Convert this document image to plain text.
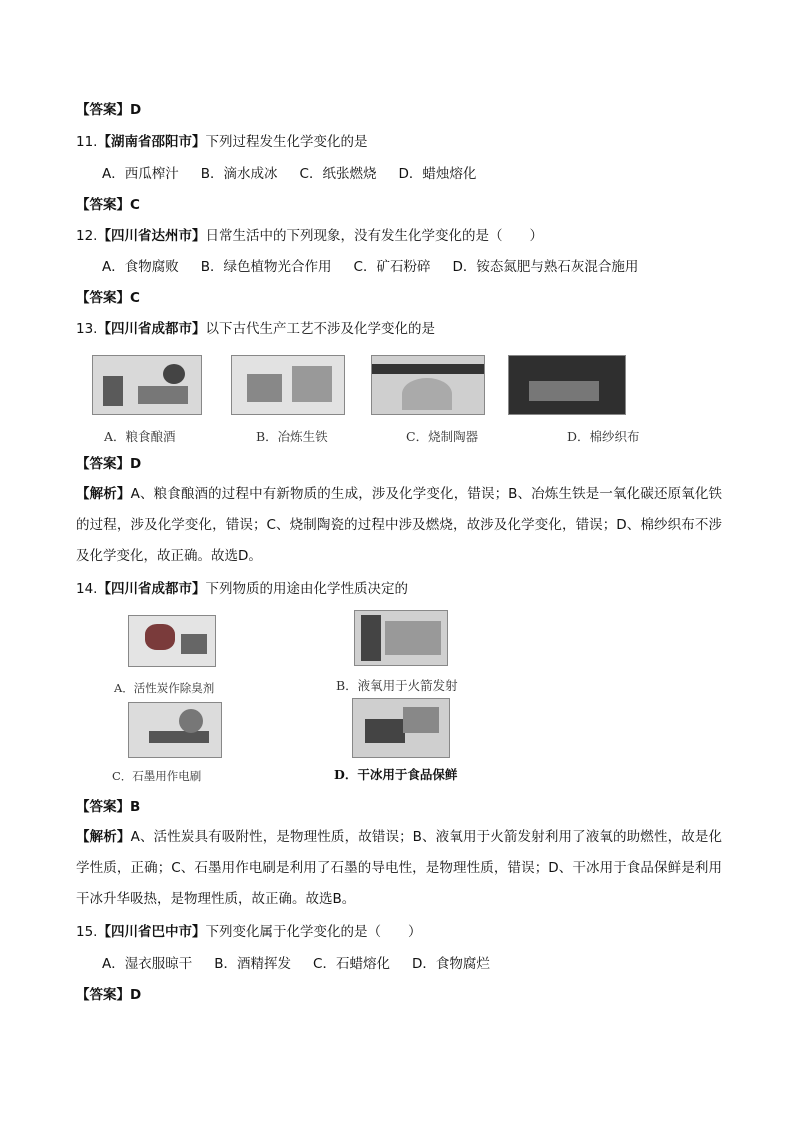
【答案】D
11.【湖南省邵阳市】下列过程发生化学变化的是
A．西瓜榨汁 B．滴水成冰 C．纸张燃烧 D．蜡烛熔化
【答案】C
12.【四川省达州市】日常生活中的下列现象，没有发生化学变化的是（　　）
A．食物腐败 B．绿色植物光合作用 C．矿石粉碎 D．铵态氮肥与熟石灰混合施用
【答案】C
13.【四川省成都市】以下古代生产工艺不涉及化学变化的是
A．粮食酿酒	B．冶炼生铁	C．烧制陶器	D．棉纱织布
【答案】D
【解析】A、粮食酿酒的过程中有新物质的生成，涉及化学变化，错误；B、冶炼生铁是一氧化碳还原氧化铁的过程，涉及化学变化，错误；C、烧制陶瓷的过程中涉及燃烧，故涉及化学变化，错误；D、棉纱织布不涉及化学变化，故正确。故选D。
14.【四川省成都市】下列物质的用途由化学性质决定的
A．活性炭作除臭剂	B．液氧用于火箭发射
C．石墨用作电刷	D．干冰用于食品保鲜
【答案】B
【解析】A、活性炭具有吸附性，是物理性质，故错误；B、液氧用于火箭发射利用了液氧的助燃性，故是化学性质，正确；C、石墨用作电刷是利用了石墨的导电性，是物理性质，错误；D、干冰用于食品保鲜是利用干冰升华吸热，是物理性质，故正确。故选B。
15.【四川省巴中市】下列变化属于化学变化的是（　　）
A．湿衣服晾干 B．酒精挥发 C．石蜡熔化 D．食物腐烂
【答案】D
